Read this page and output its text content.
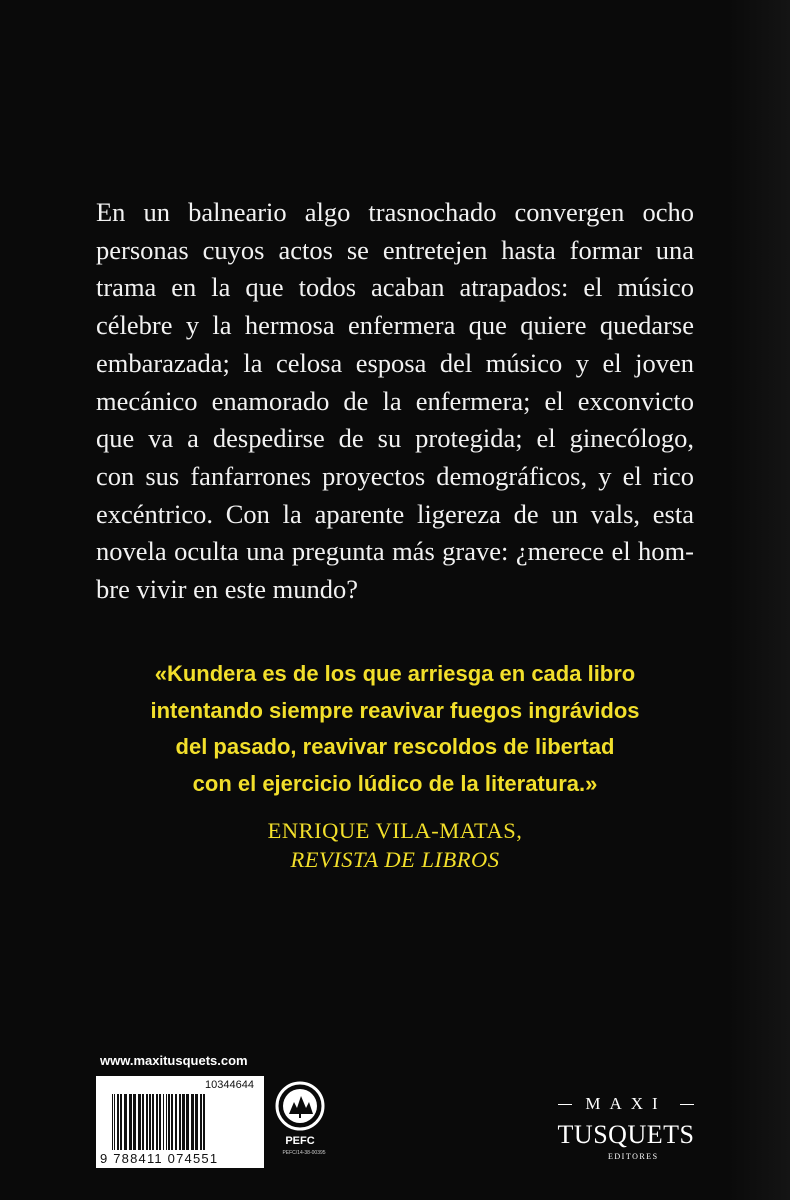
En un balneario algo trasnochado convergen ocho

personas cuyos actos se entretejen hasta formar una

trama en la que todos acaban atrapados: el músico

célebre y la hermosa enfermera que quiere quedarse

embarazada; la celosa esposa del músico y el joven

mecánico enamorado de la enfermera; el exconvicto

que va a despedirse de su protegida; el ginecólogo,

con sus fanfarrones proyectos demográficos, y el rico

excéntrico. Con la aparente ligereza de un vals, esta

novela oculta una pregunta más grave: ¿merece el hom-

bre vivir en este mundo?

«Kundera es de los que arriesga en cada libro

intentando siempre reavivar fuegos ingrávidos

del pasado, reavivar rescoldos de libertad

con el ejercicio lúdico de la literatura.»

ENRIQUE VILA-MATAS,
REVISTA DE LIBROS
www.maxitusquets.com
10344644
9 788411 074551
PEFC
PEFC/14-38-00395
MAXI
TUSQUETS
EDITORES
